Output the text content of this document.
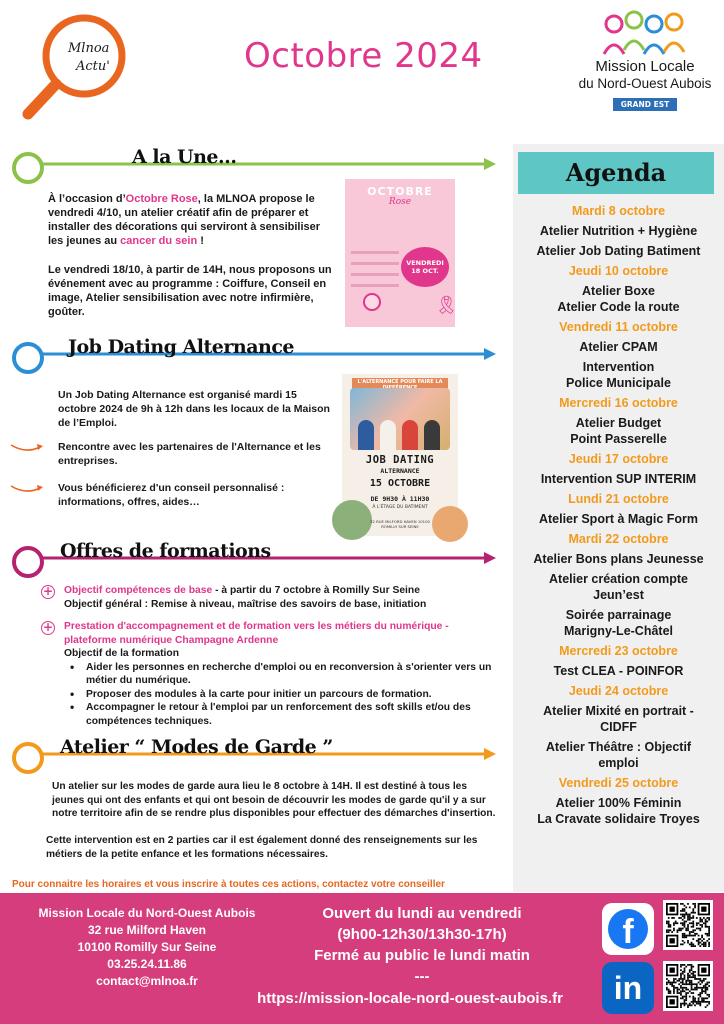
Mlnoa
Actu'	Octobre 2024	Mission Locale
du Nord-Ouest Aubois
GRAND EST
A la Une…
À l’occasion d’Octobre Rose, la MLNOA propose le vendredi 4/10, un atelier créatif afin de préparer et installer des décorations qui serviront à sensibiliser les jeunes au cancer du sein !
Le vendredi 18/10, à partir de 14H, nous proposons un événement avec au programme : Coiffure, Conseil en image, Atelier sensibilisation avec notre infirmière, goûter.
OCTOBRE
Rose
VENDREDI 18 OCT.
🎗
Job Dating Alternance
Un Job Dating Alternance est organisé mardi 15 octobre 2024 de 9h à 12h dans les locaux de la Maison de l’Emploi.
Rencontre avec les partenaires de l'Alternance et les entreprises.
Vous bénéficierez d'un conseil personnalisé : informations, offres, aides…
L'ALTERNANCE POUR FAIRE LA
JOB DATING
ALTERNANCE
15 OCTOBRE
DE 9H30 À 11H30
À L'ÉTAGE DU BATIMENT
32 RUE MILFORD HAVEN 10100 ROMILLY SUR SEINE
Offres de formations
+ Objectif compétences de base - à partir du 7 octobre à Romilly Sur Seine
Objectif général : Remise à niveau, maîtrise des savoirs de base, initiation
+ Prestation d'accompagnement et de formation vers les métiers du numérique - plateforme numérique Champagne Ardenne
Objectif de la formation
• Aider les personnes en recherche d'emploi ou en reconversion à s'orienter vers un métier du numérique.
• Proposer des modules à la carte pour initier un parcours de formation.
• Accompagner le retour à l'emploi par un renforcement des soft skills et/ou des compétences techniques.
Atelier “ Modes de Garde ”
Un atelier sur les modes de garde aura lieu le 8 octobre à 14H. Il est destiné à tous les jeunes qui ont des enfants et qui ont besoin de découvrir les modes de garde qu'il y a sur notre territoire afin de se rendre plus disponibles pour effectuer des démarches d'insertion.
Cette intervention est en 2 parties car il est également donné des renseignements sur les métiers de la petite enfance et les formations nécessaires.
Pour connaitre les horaires et vous inscrire à toutes ces actions, contactez votre conseiller
Agenda
Mardi 8 octobre
Atelier Nutrition + Hygiène
Atelier Job Dating Batiment
Jeudi 10 octobre
Atelier Boxe
Atelier Code la route
Vendredi 11 octobre
Atelier CPAM
Intervention
Police Municipale
Mercredi 16 octobre
Atelier Budget
Point Passerelle
Jeudi 17 octobre
Intervention SUP INTERIM
Lundi 21 octobre
Atelier Sport à Magic Form
Mardi 22 octobre
Atelier Bons plans Jeunesse
Atelier création compte
Jeun’est
Soirée parrainage
Marigny-Le-Châtel
Mercredi 23 octobre
Test CLEA - POINFOR
Jeudi 24 octobre
Atelier Mixité en portrait -
CIDFF
Atelier Théâtre : Objectif
emploi
Vendredi 25 octobre
Atelier 100% Féminin
La Cravate solidaire Troyes
Mission Locale du Nord-Ouest Aubois
32 rue Milford Haven
10100 Romilly Sur Seine
03.25.24.11.86
contact@mlnoa.fr
Ouvert du lundi au vendredi
(9h00-12h30/13h30-17h)
Fermé au public le lundi matin
---
https://mission-locale-nord-ouest-aubois.fr
f
in
